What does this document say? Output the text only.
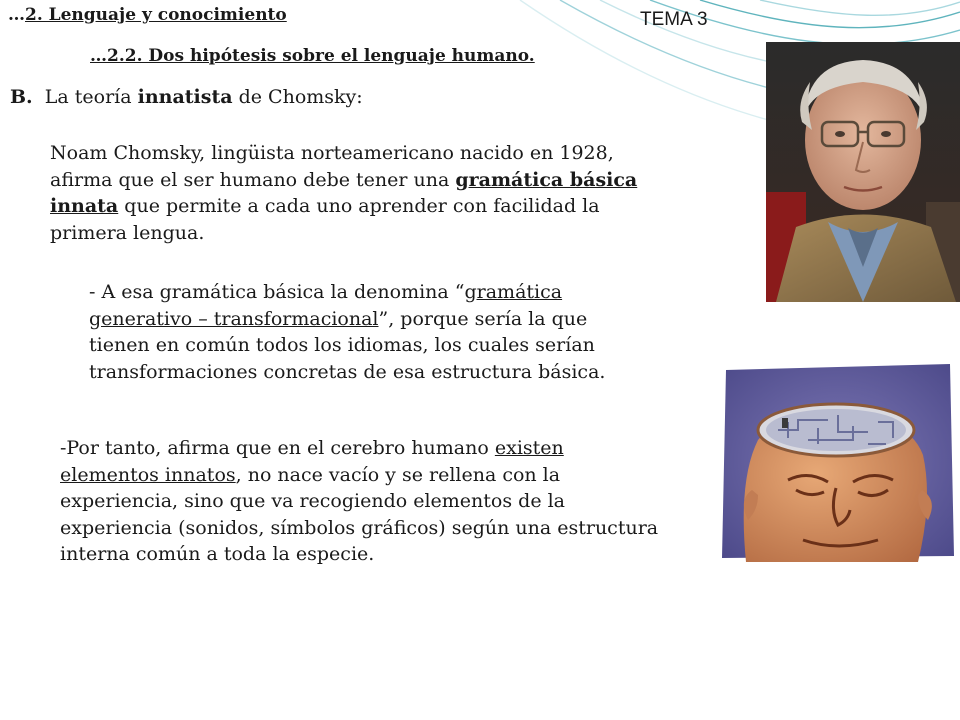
…2. Lenguaje y conocimiento	TEMA 3
…2.2. Dos hipótesis sobre el lenguaje humano.
B. La teoría innatista de Chomsky:
Noam Chomsky, lingüista norteamericano nacido en 1928,
afirma que el ser humano debe tener una gramática básica
innata que permite a cada uno aprender con facilidad la
primera lengua.
- A esa gramática básica la denomina “gramática
generativo – transformacional”, porque sería la que
tienen en común todos los idiomas, los cuales serían
transformaciones concretas de esa estructura básica.
-Por tanto, afirma que en el cerebro humano existen
elementos innatos, no nace vacío y se rellena con la
experiencia, sino que va recogiendo elementos de la
experiencia (sonidos, símbolos gráficos) según una estructura
interna común a toda la especie.
